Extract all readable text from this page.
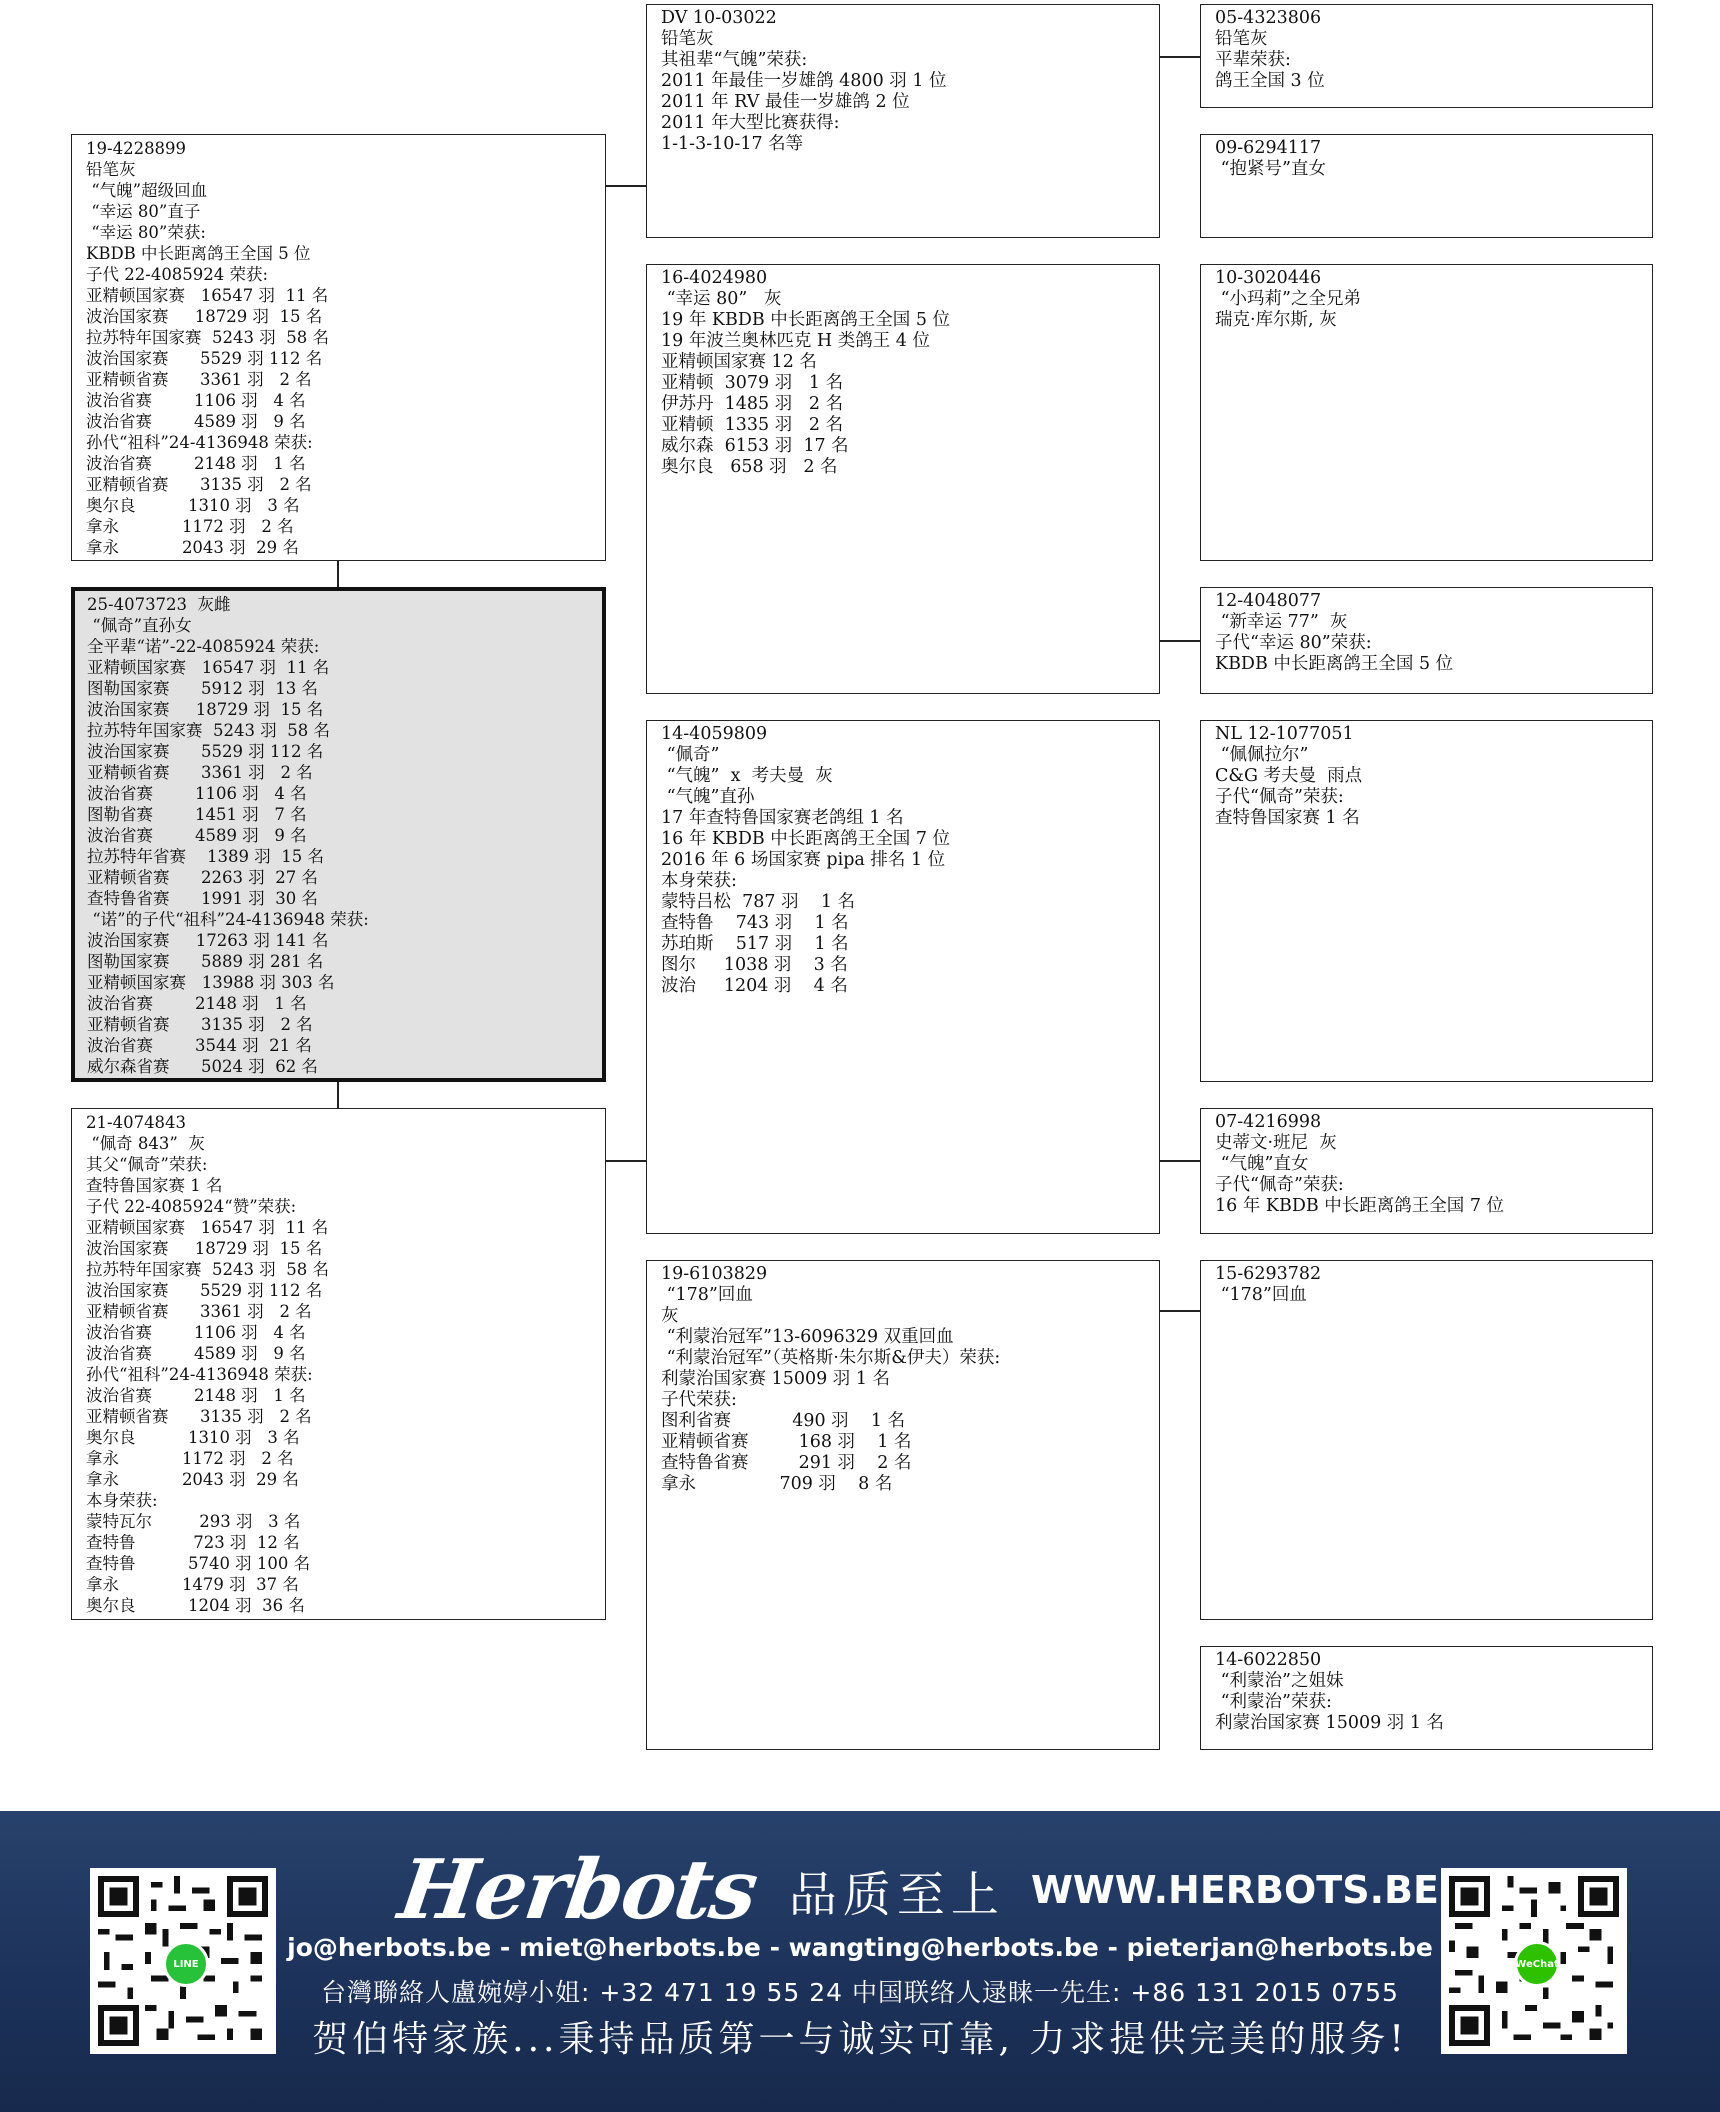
19-4228899
铅笔灰
“气魄”超级回血
“幸运 80”直子
“幸运 80”荣获:
KBDB 中长距离鸽王全国 5 位
子代 22-4085924 荣获:
亚精顿国家赛   16547 羽  11 名
波治国家赛     18729 羽  15 名
拉苏特年国家赛  5243 羽  58 名
波治国家赛      5529 羽 112 名
亚精顿省赛      3361 羽   2 名
波治省赛        1106 羽   4 名
波治省赛        4589 羽   9 名
孙代“祖科”24-4136948 荣获:
波治省赛        2148 羽   1 名
亚精顿省赛      3135 羽   2 名
奥尔良          1310 羽   3 名
拿永            1172 羽   2 名
拿永            2043 羽  29 名
25-4073723  灰雌
“佩奇”直孙女
全平辈“诺”-22-4085924 荣获:
亚精顿国家赛   16547 羽  11 名
图勒国家赛      5912 羽  13 名
波治国家赛     18729 羽  15 名
拉苏特年国家赛  5243 羽  58 名
波治国家赛      5529 羽 112 名
亚精顿省赛      3361 羽   2 名
波治省赛        1106 羽   4 名
图勒省赛        1451 羽   7 名
波治省赛        4589 羽   9 名
拉苏特年省赛    1389 羽  15 名
亚精顿省赛      2263 羽  27 名
查特鲁省赛      1991 羽  30 名
“诺”的子代“祖科”24-4136948 荣获:
波治国家赛     17263 羽 141 名
图勒国家赛      5889 羽 281 名
亚精顿国家赛   13988 羽 303 名
波治省赛        2148 羽   1 名
亚精顿省赛      3135 羽   2 名
波治省赛        3544 羽  21 名
威尔森省赛      5024 羽  62 名
21-4074843
“佩奇 843”  灰
其父“佩奇”荣获:
查特鲁国家赛 1 名
子代 22-4085924“赞”荣获:
亚精顿国家赛   16547 羽  11 名
波治国家赛     18729 羽  15 名
拉苏特年国家赛  5243 羽  58 名
波治国家赛      5529 羽 112 名
亚精顿省赛      3361 羽   2 名
波治省赛        1106 羽   4 名
波治省赛        4589 羽   9 名
孙代“祖科”24-4136948 荣获:
波治省赛        2148 羽   1 名
亚精顿省赛      3135 羽   2 名
奥尔良          1310 羽   3 名
拿永            1172 羽   2 名
拿永            2043 羽  29 名
本身荣获:
蒙特瓦尔         293 羽   3 名
查特鲁           723 羽  12 名
查特鲁          5740 羽 100 名
拿永            1479 羽  37 名
奥尔良          1204 羽  36 名
DV 10-03022
铅笔灰
其祖辈“气魄”荣获:
2011 年最佳一岁雄鸽 4800 羽 1 位
2011 年 RV 最佳一岁雄鸽 2 位
2011 年大型比赛获得:
1-1-3-10-17 名等
16-4024980
“幸运 80”   灰
19 年 KBDB 中长距离鸽王全国 5 位
19 年波兰奥林匹克 H 类鸽王 4 位
亚精顿国家赛 12 名
亚精顿  3079 羽   1 名
伊苏丹  1485 羽   2 名
亚精顿  1335 羽   2 名
威尔森  6153 羽  17 名
奥尔良   658 羽   2 名
14-4059809
“佩奇”
“气魄”  x  考夫曼  灰
“气魄”直孙
17 年查特鲁国家赛老鸽组 1 名
16 年 KBDB 中长距离鸽王全国 7 位
2016 年 6 场国家赛 pipa 排名 1 位
本身荣获:
蒙特吕松  787 羽    1 名
查特鲁    743 羽    1 名
苏珀斯    517 羽    1 名
图尔     1038 羽    3 名
波治     1204 羽    4 名
19-6103829
“178”回血
灰
“利蒙治冠军”13-6096329 双重回血
“利蒙治冠军”（英格斯·朱尔斯&伊夫）荣获:
利蒙治国家赛 15009 羽 1 名
子代荣获:
图利省赛           490 羽    1 名
亚精顿省赛         168 羽    1 名
查特鲁省赛         291 羽    2 名
拿永               709 羽    8 名
05-4323806
铅笔灰
平辈荣获:
鸽王全国 3 位
09-6294117
“抱紧号”直女
10-3020446
“小玛莉”之全兄弟
瑞克·库尔斯, 灰
12-4048077
“新幸运 77”  灰
子代“幸运 80”荣获:
KBDB 中长距离鸽王全国 5 位
NL 12-1077051
“佩佩拉尔”
C&G 考夫曼  雨点
子代“佩奇”荣获:
查特鲁国家赛 1 名
07-4216998
史蒂文·班尼  灰
“气魄”直女
子代“佩奇”荣获:
16 年 KBDB 中长距离鸽王全国 7 位
15-6293782
“178”回血
14-6022850
“利蒙治”之姐妹
“利蒙治”荣获:
利蒙治国家赛 15009 羽 1 名
LINE
Herbots 品质至上 WWW.HERBOTS.BE
jo@herbots.be - miet@herbots.be - wangting@herbots.be - pieterjan@herbots.be
台灣聯絡人盧婉婷小姐: +32 471 19 55 24 中国联络人逯睐一先生: +86 131 2015 0755
贺伯特家族...秉持品质第一与诚实可靠, 力求提供完美的服务!
WeChat
